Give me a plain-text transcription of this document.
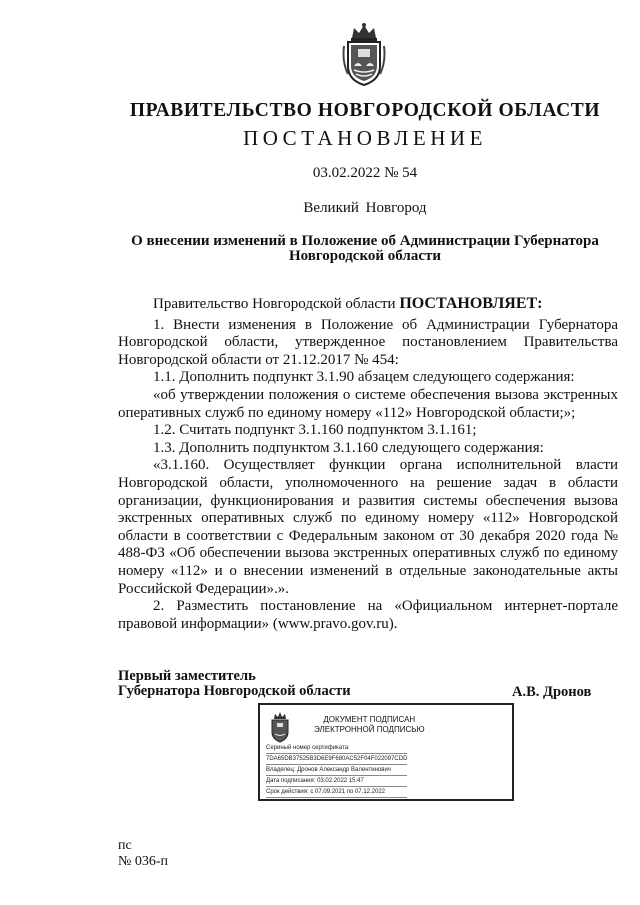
ПРАВИТЕЛЬСТВО НОВГОРОДСКОЙ ОБЛАСТИ
ПОСТАНОВЛЕНИЕ
03.02.2022 № 54
Великий Новгород
О внесении изменений в Положение об Администрации Губернатора
Новгородской области

Правительство Новгородской области ПОСТАНОВЛЯЕТ:

1. Внести изменения в Положение об Администрации Губернатора Новгородской области, утвержденное постановлением Правительства Новгородской области от 21.12.2017 № 454:

1.1. Дополнить подпункт 3.1.90 абзацем следующего содержания:

«об утверждении положения о системе обеспечения вызова экстренных оперативных служб по единому номеру «112» Новгородской области;»;

1.2. Считать подпункт 3.1.160 подпунктом 3.1.161;

1.3. Дополнить подпунктом 3.1.160 следующего содержания:

«3.1.160. Осуществляет функции органа исполнительной власти Новгородской области, уполномоченного на решение задач в области организации, функционирования и развития системы обеспечения вызова экстренных оперативных служб по единому номеру «112» Новгородской области в соответствии с Федеральным законом от 30 декабря 2020 года № 488-ФЗ «Об обеспечении вызова экстренных оперативных служб по единому номеру «112» и о внесении изменений в отдельные законодательные акты Российской Федерации».».

2. Разместить постановление на «Официальном интернет-портале правовой информации» (www.pravo.gov.ru).

Первый заместитель
Губернатора Новгородской области	А.В. Дронов
ДОКУМЕНТ ПОДПИСАН
ЭЛЕКТРОННОЙ ПОДПИСЬЮ
Сериный номер сертификата:
7DA65DB37525B3D6E9F680AC52F04F022097CDD
Владелец: Дронов Александр Валентинович
Дата подписания: 03.02.2022 15:47
Срок действия: с 07.09.2021 по 07.12.2022
пс
№ 036-п
